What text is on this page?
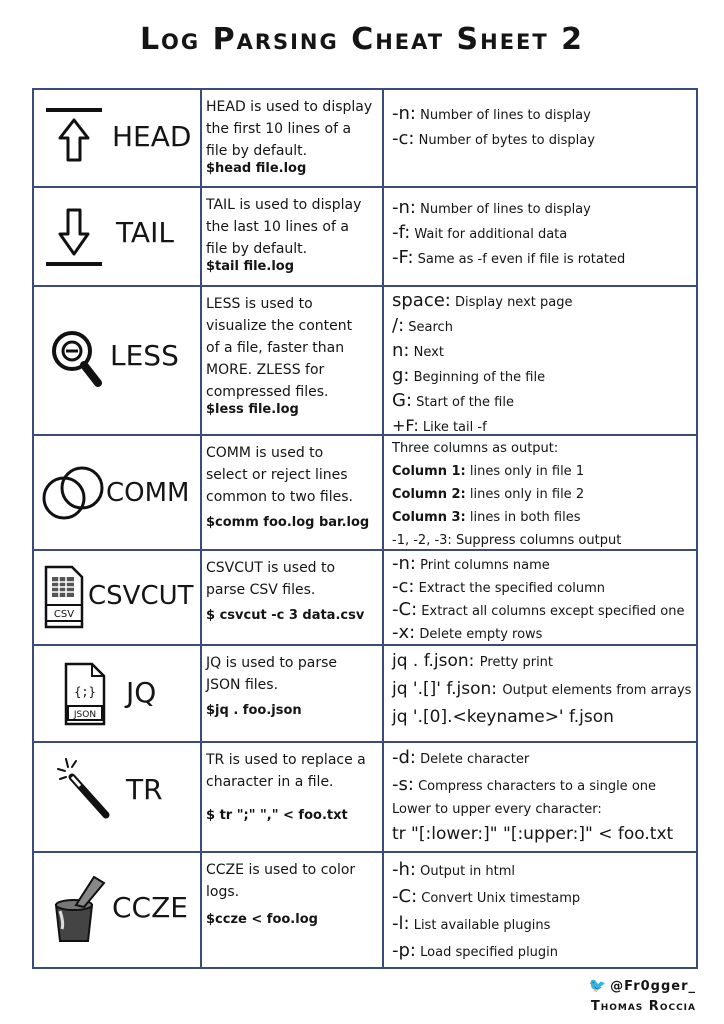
Log Parsing Cheat Sheet 2
HEAD
HEAD is used to display
the first 10 lines of a
file by default.
$head file.log
-n: Number of lines to display
-c: Number of bytes to display
TAIL
TAIL is used to display
the last 10 lines of a
file by default.
$tail file.log
-n: Number of lines to display
-f: Wait for additional data
-F: Same as -f even if file is rotated
LESS
LESS is used to
visualize the content
of a file, faster than
MORE. ZLESS for
compressed files.
$less file.log
space: Display next page
/: Search
n: Next
g: Beginning of the file
G: Start of the file
+F: Like tail -f
COMM
COMM is used to
select or reject lines
common to two files.
$comm foo.log bar.log
Three columns as output:
Column 1: lines only in file 1
Column 2: lines only in file 2
Column 3: lines in both files
-1, -2, -3: Suppress columns output
CSV
CSVCUT
CSVCUT is used to
parse CSV files.
$ csvcut -c 3 data.csv
-n: Print columns name
-c: Extract the specified column
-C: Extract all columns except specified one
-x: Delete empty rows
{;}
JSON
JQ
JQ is used to parse
JSON files.
$jq . foo.json
jq . f.json: Pretty print
jq '.[]' f.json: Output elements from arrays
jq '.[0].<keyname>' f.json
TR
TR is used to replace a
character in a file.
$ tr ";" "," < foo.txt
-d: Delete character
-s: Compress characters to a single one
Lower to upper every character:
tr "[:lower:]" "[:upper:]" < foo.txt
CCZE
CCZE is used to color
logs.
$ccze < foo.log
-h: Output in html
-C: Convert Unix timestamp
-l: List available plugins
-p: Load specified plugin
🐦 @Fr0gger_
Thomas Roccia
